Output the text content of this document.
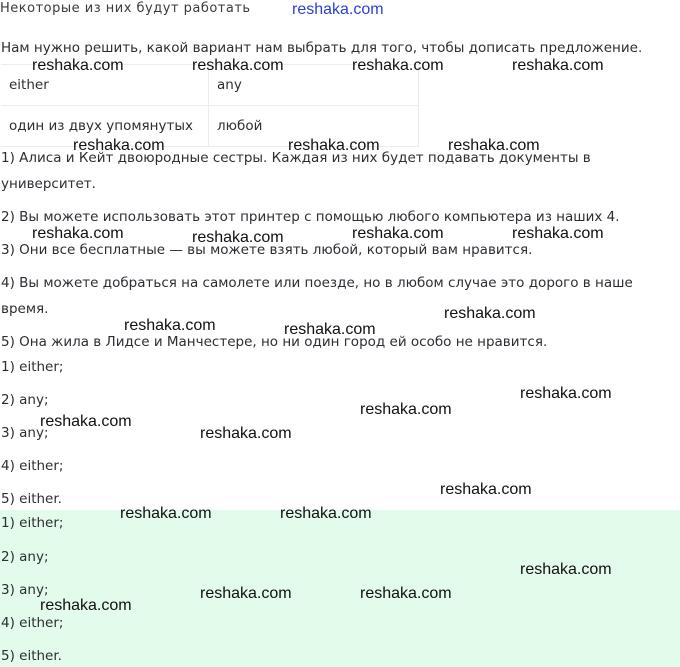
Некоторые из них будут работать	reshaka.com
Нам нужно решить, какой вариант нам выбрать для того, чтобы дописать предложение.
either	any
один из двух упомянутых	любой
1) Алиса и Кейт двоюродные сестры. Каждая из них будет подавать документы в
университет.
2) Вы можете использовать этот принтер с помощью любого компьютера из наших 4.
3) Они все бесплатные — вы можете взять любой, который вам нравится.
4) Вы можете добраться на самолете или поезде, но в любом случае это дорого в наше
время.
5) Она жила в Лидсе и Манчестере, но ни один город ей особо не нравится.
1) either;
2) any;
3) any;
4) either;
5) either.
1) either;
2) any;
3) any;
4) either;
5) either.
reshaka.com	reshaka.com	reshaka.com	reshaka.com
reshaka.com	reshaka.com	reshaka.com
reshaka.com	reshaka.com	reshaka.com	reshaka.com
reshaka.com
reshaka.com	reshaka.com
reshaka.com
reshaka.com
reshaka.com
reshaka.com
reshaka.com
reshaka.com	reshaka.com
reshaka.com
reshaka.com	reshaka.com
reshaka.com
